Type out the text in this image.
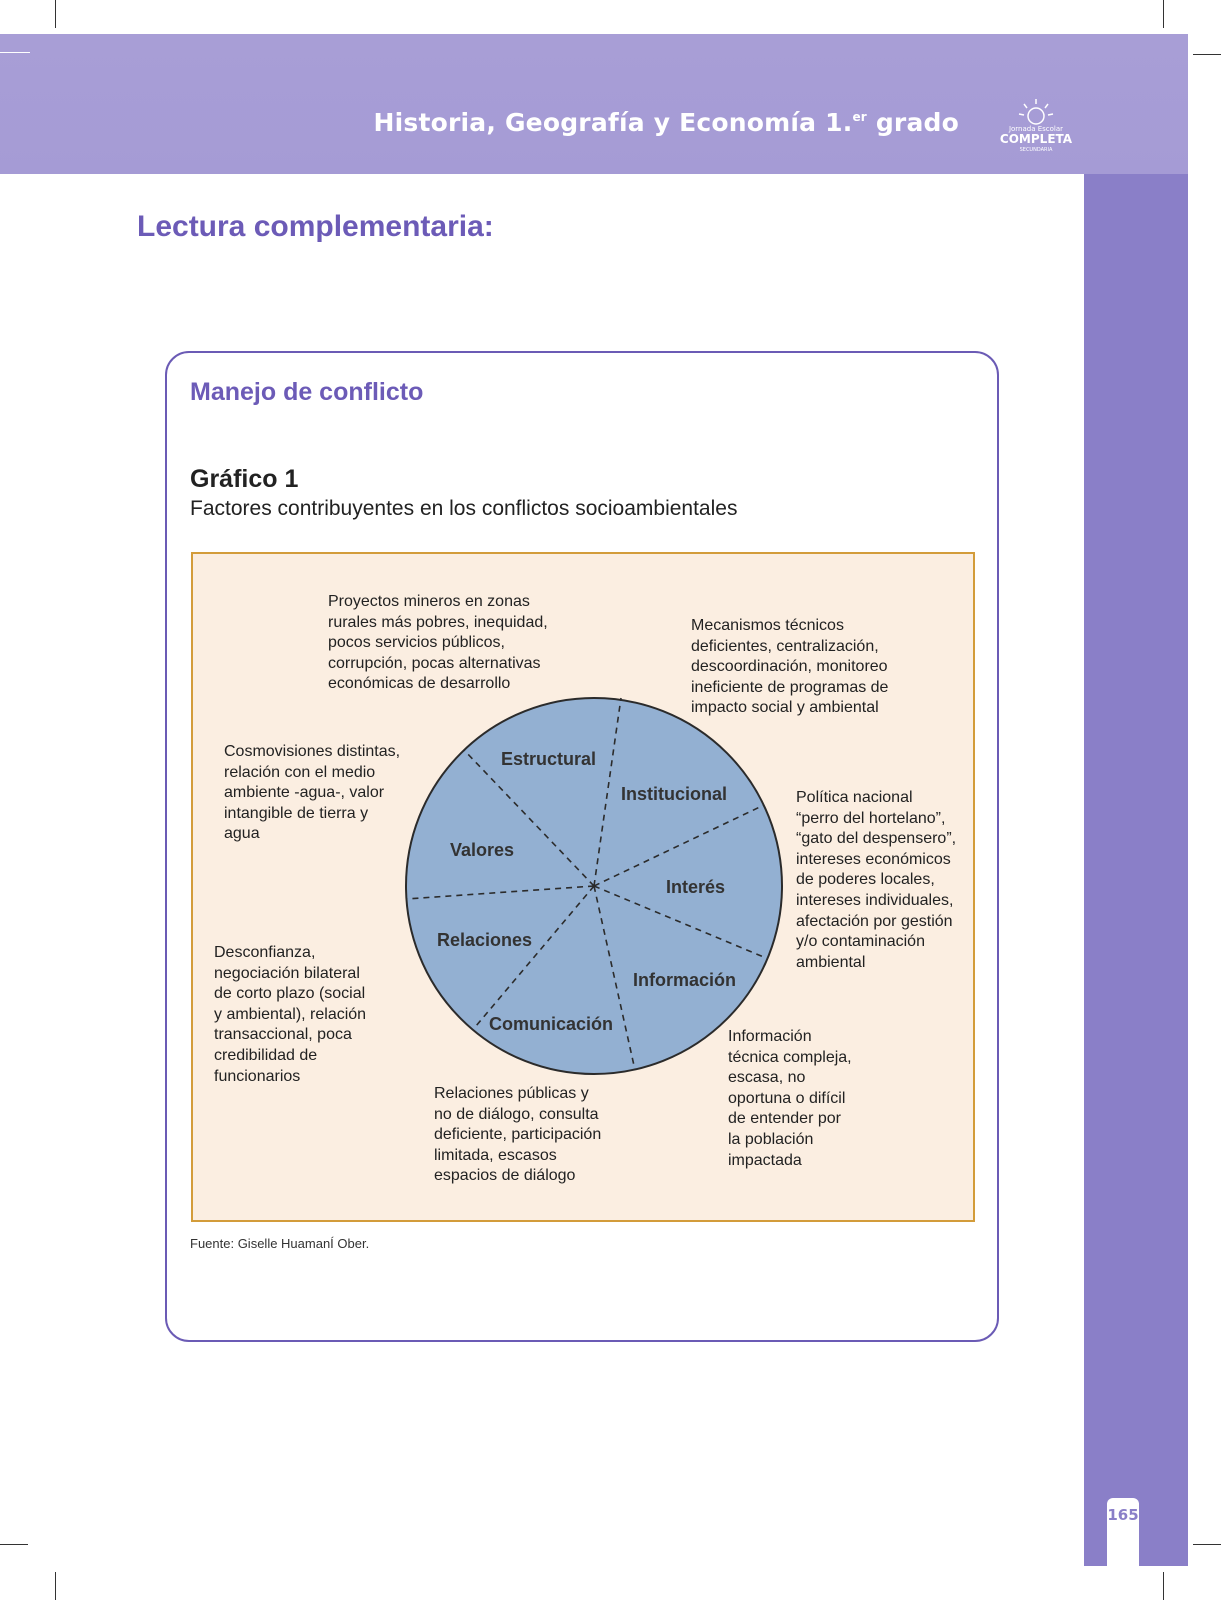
Historia, Geografía y Economía 1.$^{er}$ grado	Jornada Escolar
COMPLETA
SECUNDARIA
165
Lectura complementaria:
Manejo de conflicto
Gráfico 1
Factores contribuyentes en los conflictos socioambientales
Estructural
Institucional
Interés
Información
Comunicación
Relaciones
Valores

Proyectos mineros en zonas
rurales más pobres, inequidad,
pocos servicios públicos,
corrupción, pocas alternativas
económicas de desarrollo

Mecanismos técnicos
deficientes, centralización,
descoordinación, monitoreo
ineficiente de programas de
impacto social y ambiental

Política nacional
“perro del hortelano”,
“gato del despensero”,
intereses económicos
de poderes locales,
intereses individuales,
afectación por gestión
y/o contaminación
ambiental

Información
técnica compleja,
escasa, no
oportuna o difícil
de entender por
la población
impactada

Relaciones públicas y
no de diálogo, consulta
deficiente, participación
limitada, escasos
espacios de diálogo

Desconfianza,
negociación bilateral
de corto plazo (social
y ambiental), relación
transaccional, poca
credibilidad de
funcionarios

Cosmovisiones distintas,
relación con el medio
ambiente -agua-, valor
intangible de tierra y
agua

Fuente: Giselle HuamanÍ Ober.
